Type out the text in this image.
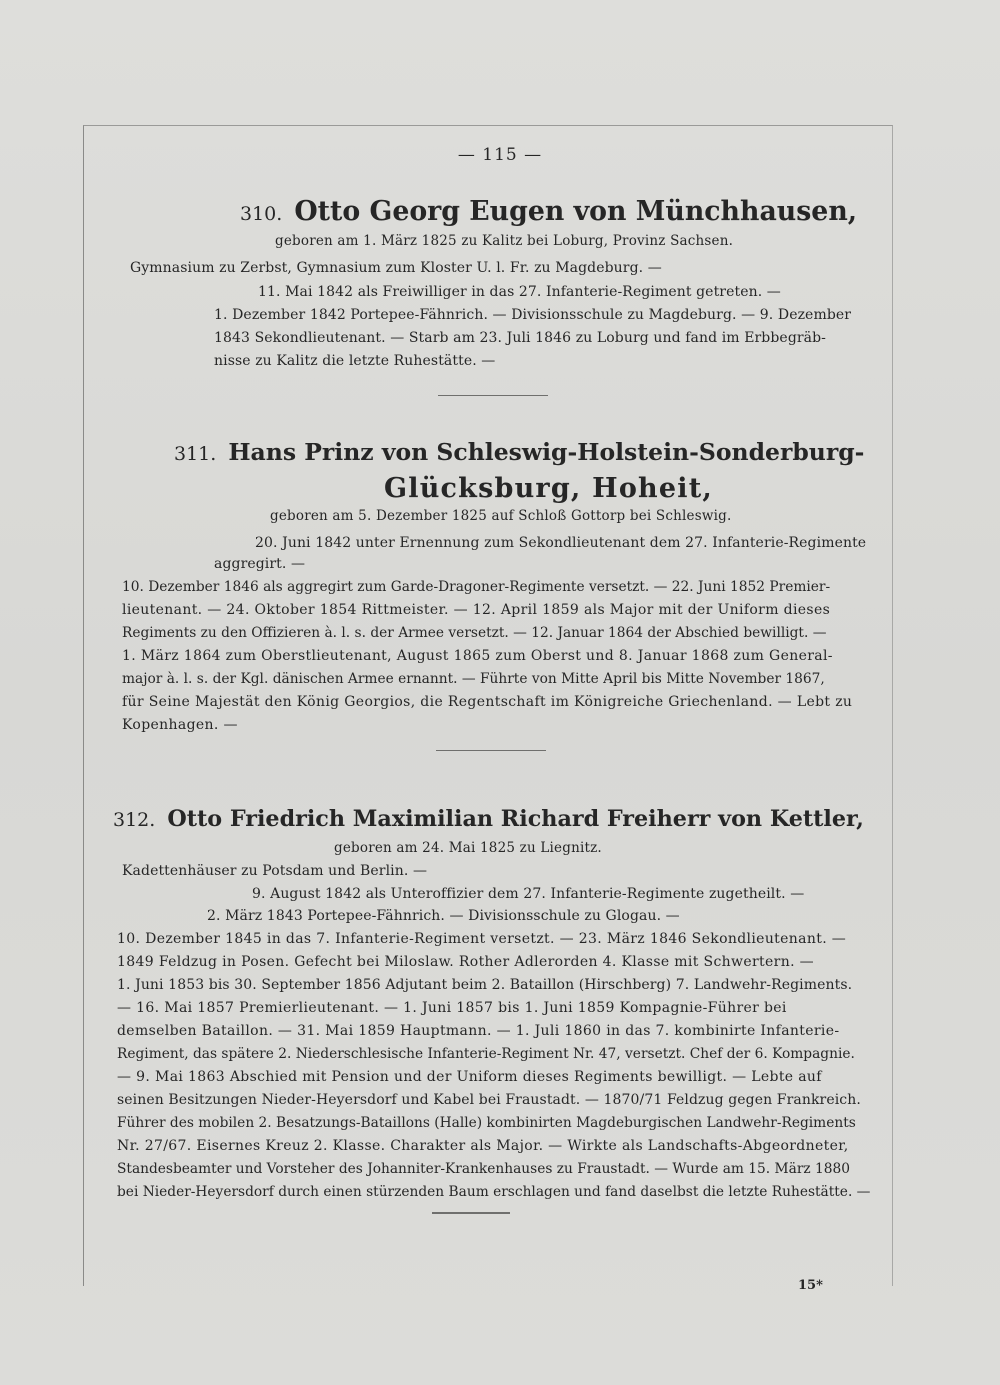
— 115 —
310. Otto Georg Eugen von Münchhausen,
geboren am 1. März 1825 zu Kalitz bei Loburg, Provinz Sachsen.
Gymnasium zu Zerbst, Gymnasium zum Kloster U. l. Fr. zu Magdeburg. —
11. Mai 1842 als Freiwilliger in das 27. Infanterie-Regiment getreten. —
1. Dezember 1842 Portepee-Fähnrich. — Divisionsschule zu Magdeburg. — 9. Dezember
1843 Sekondlieutenant. — Starb am 23. Juli 1846 zu Loburg und fand im Erbbegräb-
nisse zu Kalitz die letzte Ruhestätte. —
311. Hans Prinz von Schleswig-Holstein-Sonderburg-
Glücksburg, Hoheit,
geboren am 5. Dezember 1825 auf Schloß Gottorp bei Schleswig.
20. Juni 1842 unter Ernennung zum Sekondlieutenant dem 27. Infanterie-Regimente
aggregirt. —
10. Dezember 1846 als aggregirt zum Garde-Dragoner-Regimente versetzt. — 22. Juni 1852 Premier-
lieutenant. — 24. Oktober 1854 Rittmeister. — 12. April 1859 als Major mit der Uniform dieses
Regiments zu den Offizieren à. l. s. der Armee versetzt. — 12. Januar 1864 der Abschied bewilligt. —
1. März 1864 zum Oberstlieutenant, August 1865 zum Oberst und 8. Januar 1868 zum General-
major à. l. s. der Kgl. dänischen Armee ernannt. — Führte von Mitte April bis Mitte November 1867,
für Seine Majestät den König Georgios, die Regentschaft im Königreiche Griechenland. — Lebt zu
Kopenhagen. —
312. Otto Friedrich Maximilian Richard Freiherr von Kettler,
geboren am 24. Mai 1825 zu Liegnitz.
Kadettenhäuser zu Potsdam und Berlin. —
9. August 1842 als Unteroffizier dem 27. Infanterie-Regimente zugetheilt. —
2. März 1843 Portepee-Fähnrich. — Divisionsschule zu Glogau. —
10. Dezember 1845 in das 7. Infanterie-Regiment versetzt. — 23. März 1846 Sekondlieutenant. —
1849 Feldzug in Posen. Gefecht bei Miloslaw. Rother Adlerorden 4. Klasse mit Schwertern. —
1. Juni 1853 bis 30. September 1856 Adjutant beim 2. Bataillon (Hirschberg) 7. Landwehr-Regiments.
— 16. Mai 1857 Premierlieutenant. — 1. Juni 1857 bis 1. Juni 1859 Kompagnie-Führer bei
demselben Bataillon. — 31. Mai 1859 Hauptmann. — 1. Juli 1860 in das 7. kombinirte Infanterie-
Regiment, das spätere 2. Niederschlesische Infanterie-Regiment Nr. 47, versetzt. Chef der 6. Kompagnie.
— 9. Mai 1863 Abschied mit Pension und der Uniform dieses Regiments bewilligt. — Lebte auf
seinen Besitzungen Nieder-Heyersdorf und Kabel bei Fraustadt. — 1870/71 Feldzug gegen Frankreich.
Führer des mobilen 2. Besatzungs-Bataillons (Halle) kombinirten Magdeburgischen Landwehr-Regiments
Nr. 27/67. Eisernes Kreuz 2. Klasse. Charakter als Major. — Wirkte als Landschafts-Abgeordneter,
Standesbeamter und Vorsteher des Johanniter-Krankenhauses zu Fraustadt. — Wurde am 15. März 1880
bei Nieder-Heyersdorf durch einen stürzenden Baum erschlagen und fand daselbst die letzte Ruhestätte. —
15*
